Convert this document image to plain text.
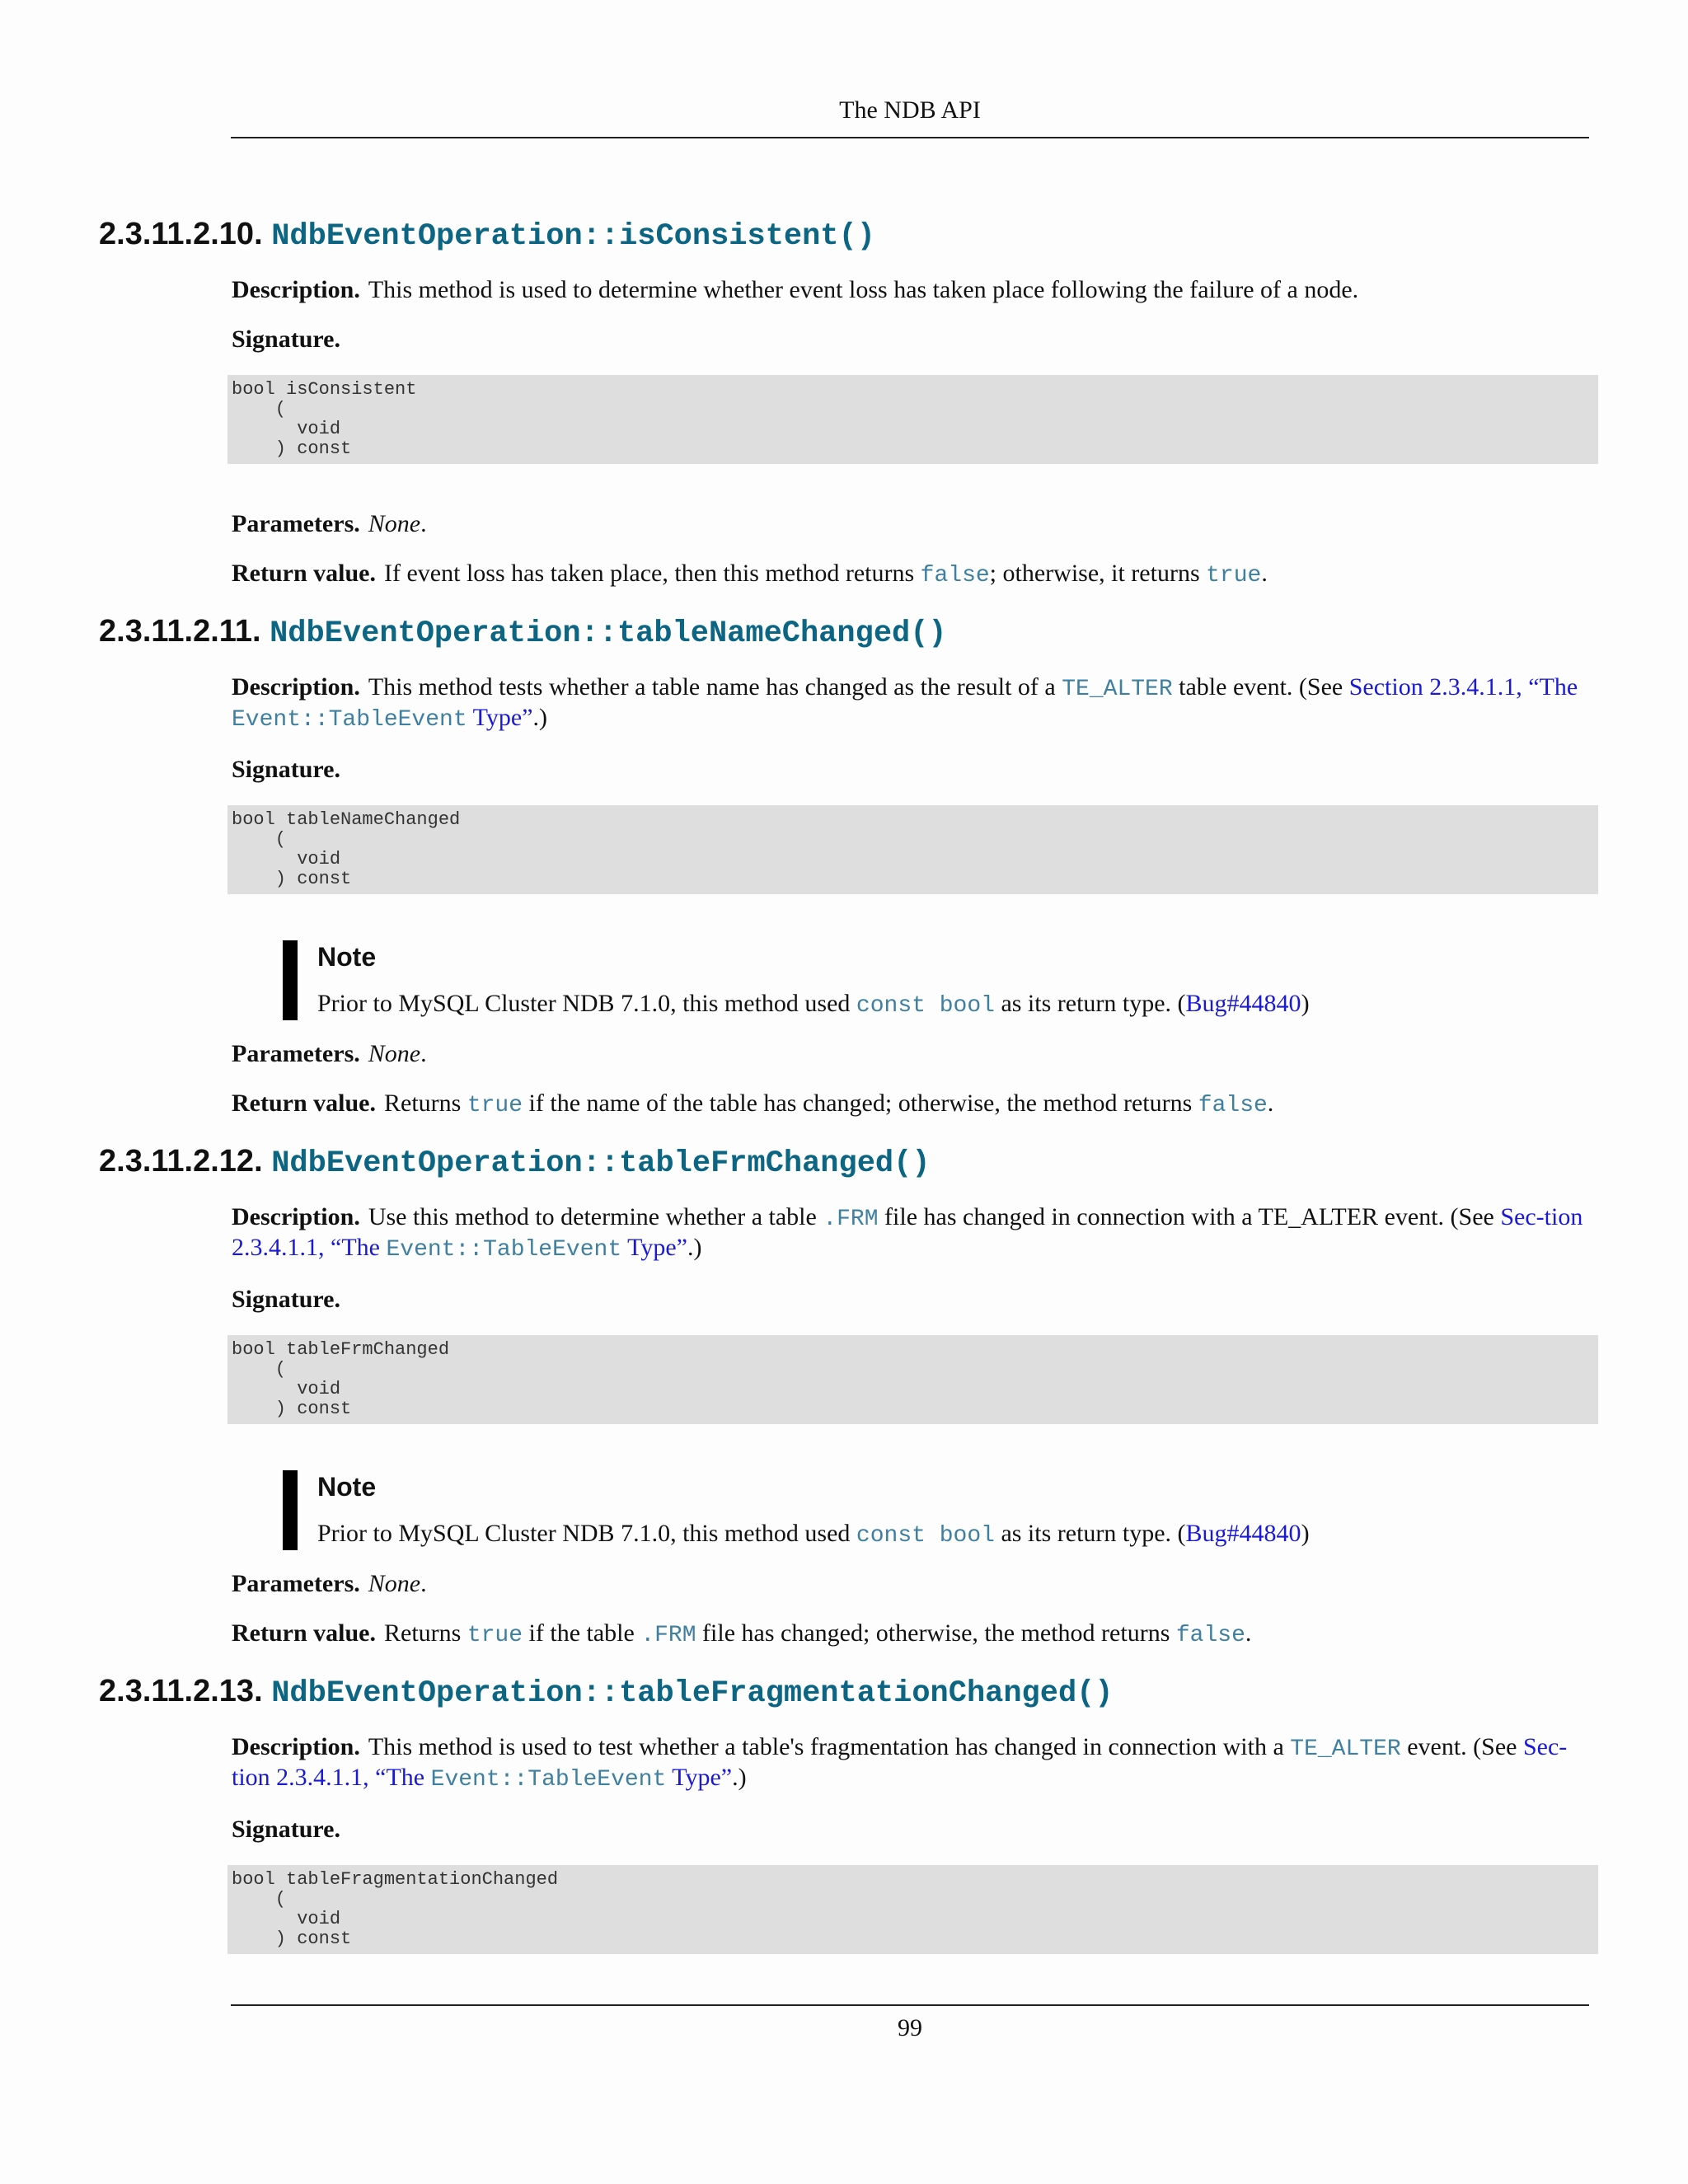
The NDB API
2.3.11.2.10. NdbEventOperation::isConsistent()

Description. This method is used to determine whether event loss has taken place following the failure of a node.

Signature.

bool isConsistent
(
void
) const

Parameters. None.

Return value. If event loss has taken place, then this method returns false; otherwise, it returns true.

2.3.11.2.11. NdbEventOperation::tableNameChanged()

Description. This method tests whether a table name has changed as the result of a TE_ALTER table event. (See Section 2.3.4.1.1, “The Event::TableEvent Type”.)

Signature.

bool tableNameChanged
(
void
) const
Note

Prior to MySQL Cluster NDB 7.1.0, this method used const bool as its return type. (Bug#44840)

Parameters. None.

Return value. Returns true if the name of the table has changed; otherwise, the method returns false.

2.3.11.2.12. NdbEventOperation::tableFrmChanged()

Description. Use this method to determine whether a table .FRM file has changed in connection with a TE_ALTER event. (See Sec-tion 2.3.4.1.1, “The Event::TableEvent Type”.)

Signature.

bool tableFrmChanged
(
void
) const
Note

Prior to MySQL Cluster NDB 7.1.0, this method used const bool as its return type. (Bug#44840)

Parameters. None.

Return value. Returns true if the table .FRM file has changed; otherwise, the method returns false.

2.3.11.2.13. NdbEventOperation::tableFragmentationChanged()

Description. This method is used to test whether a table's fragmentation has changed in connection with a TE_ALTER event. (See Sec-tion 2.3.4.1.1, “The Event::TableEvent Type”.)

Signature.

bool tableFragmentationChanged
(
void
) const
99
